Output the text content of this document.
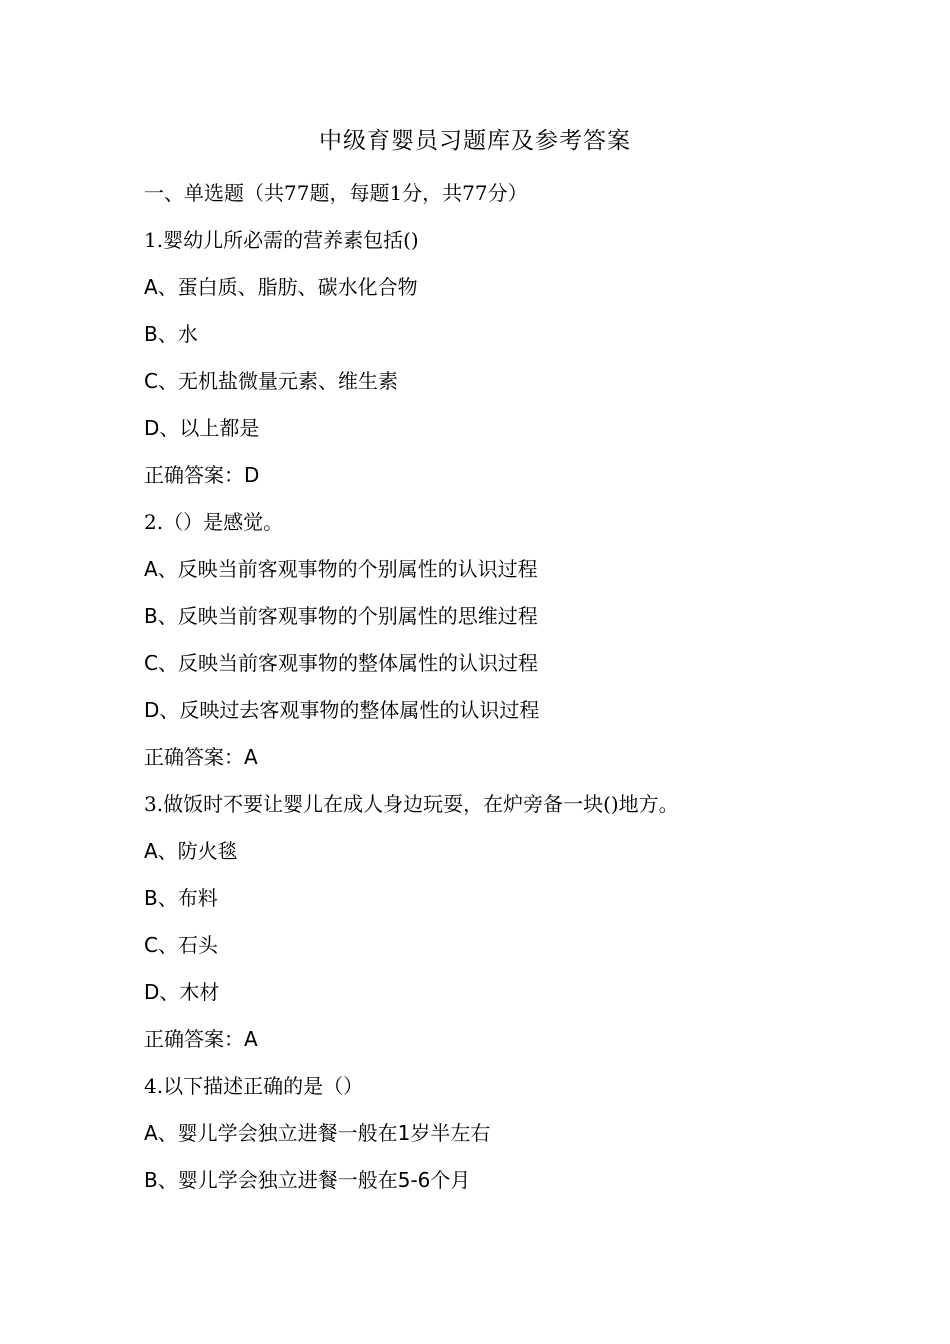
中级育婴员习题库及参考答案
一、单选题（共77题，每题1分，共77分）
1.婴幼儿所必需的营养素包括()
A、蛋白质、脂肪、碳水化合物
B、水
C、无机盐微量元素、维生素
D、以上都是
正确答案：D
2.（）是感觉。
A、反映当前客观事物的个别属性的认识过程
B、反映当前客观事物的个别属性的思维过程
C、反映当前客观事物的整体属性的认识过程
D、反映过去客观事物的整体属性的认识过程
正确答案：A
3.做饭时不要让婴儿在成人身边玩耍，在炉旁备一块()地方。
A、防火毯
B、布料
C、石头
D、木材
正确答案：A
4.以下描述正确的是（）
A、婴儿学会独立进餐一般在1岁半左右
B、婴儿学会独立进餐一般在5-6个月
